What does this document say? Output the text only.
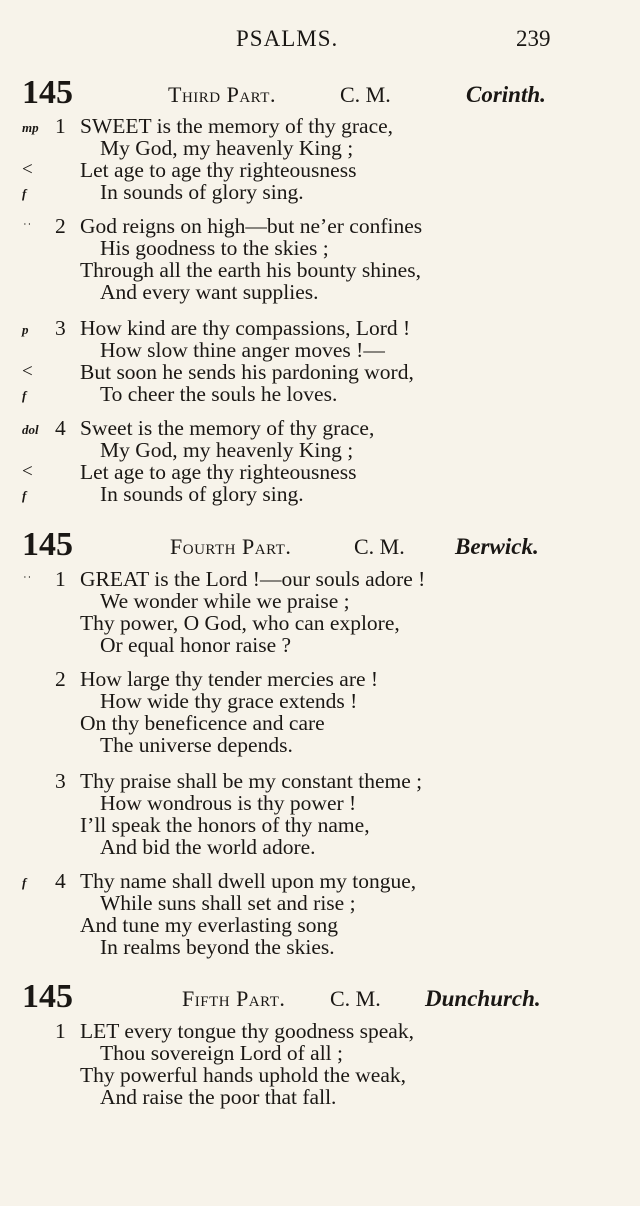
PSALMS.	239
145	Third Part.	C. M.	Corinth.
mp 1 SWEET is the memory of thy grace,
My God, my heavenly King ;
< Let age to age thy righteousness
f	In sounds of glory sing.
ˈˈ 2 God reigns on high—but ne’er confines
His goodness to the skies ;
Through all the earth his bounty shines,
And every want supplies.
p 3 How kind are thy compassions, Lord !
How slow thine anger moves !—
< But soon he sends his pardoning word,
f	To cheer the souls he loves.
dol 4 Sweet is the memory of thy grace,
My God, my heavenly King ;
< Let age to age thy righteousness
f	In sounds of glory sing.
145	Fourth Part.	C. M. Berwick.
ˈˈ 1 GREAT is the Lord !—our souls adore !
We wonder while we praise ;
Thy power, O God, who can explore,
Or equal honor raise ?
2 How large thy tender mercies are !
How wide thy grace extends !
On thy beneficence and care
The universe depends.
3 Thy praise shall be my constant theme ;
How wondrous is thy power !
I’ll speak the honors of thy name,
And bid the world adore.
f 4 Thy name shall dwell upon my tongue,
While suns shall set and rise ;
And tune my everlasting song
In realms beyond the skies.
145	Fifth Part. C. M. Dunchurch.
1 LET every tongue thy goodness speak,
Thou sovereign Lord of all ;
Thy powerful hands uphold the weak,
And raise the poor that fall.
